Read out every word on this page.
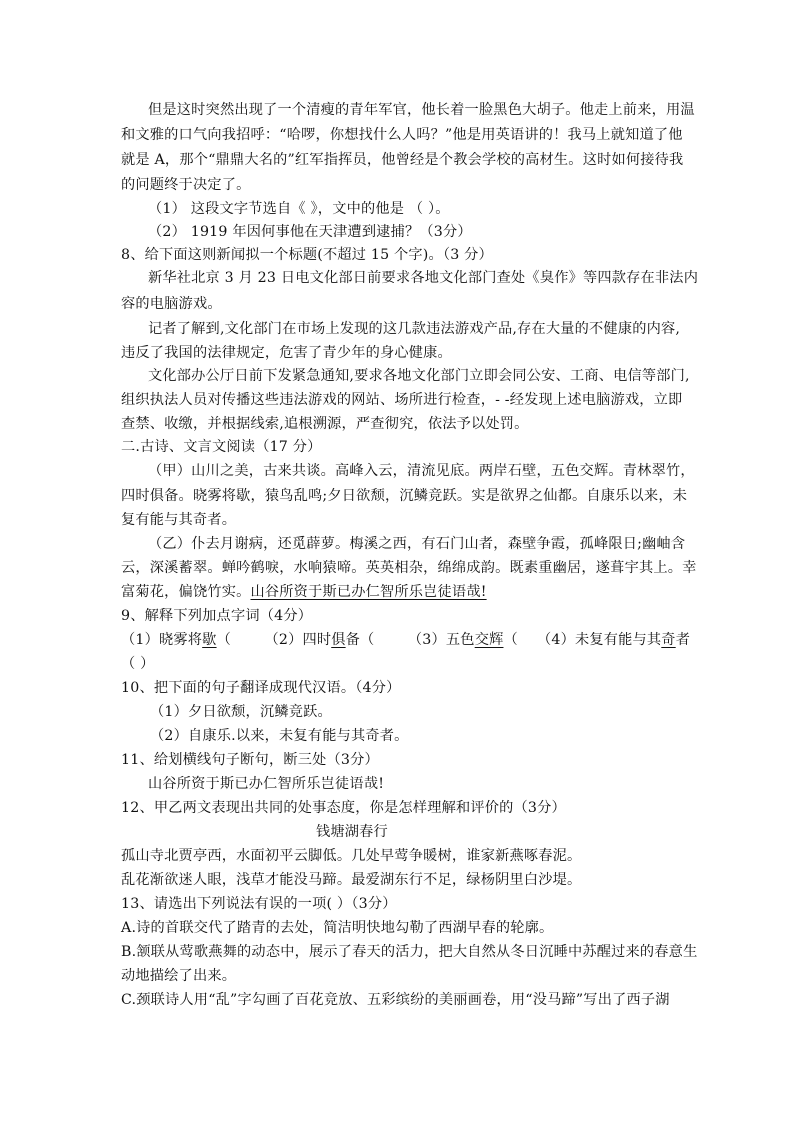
但是这时突然出现了一个清瘦的青年军官，他长着一脸黑色大胡子。他走上前来，用温
和文雅的口气向我招呼：“哈啰，你想找什么人吗？”他是用英语讲的！我马上就知道了他
就是 A，那个“鼎鼎大名的”红军指挥员，他曾经是个教会学校的高材生。这时如何接待我
的问题终于决定了。
（1） 这段文字节选自《 》，文中的他是 （ ）。
（2） 1919 年因何事他在天津遭到逮捕？（3分）
8、给下面这则新闻拟一个标题(不超过 15 个字)。（3 分）
新华社北京 3 月 23 日电文化部日前要求各地文化部门查处《臭作》等四款存在非法内
容的电脑游戏。
记者了解到,文化部门在市场上发现的这几款违法游戏产品,存在大量的不健康的内容,
违反了我国的法律规定，危害了青少年的身心健康。
文化部办公厅日前下发紧急通知,要求各地文化部门立即会同公安、工商、电信等部门,
组织执法人员对传播这些违法游戏的网站、场所进行检查，- -经发现上述电脑游戏，立即
查禁、收缴，并根据线索,追根溯源，严查彻究，依法予以处罚。
二.古诗、文言文阅读（17 分）
（甲）山川之美，古来共谈。高峰入云，清流见底。两岸石壁，五色交辉。青林翠竹，
四时俱备。晓雾将歇，猿鸟乱鸣;夕日欲颓，沉鳞竞跃。实是欲界之仙都。自康乐以来，未
复有能与其奇者。
（乙）仆去月谢病，还觅薜萝。梅溪之西，有石门山者，森壁争霞，孤峰限日;幽岫含
云，深溪蓄翠。蝉吟鹤唳，水响猿啼。英英相杂，绵绵成韵。既素重幽居，遂葺宇其上。幸
富菊花，偏饶竹实。山谷所资于斯已办仁智所乐岂徒语哉!
9、解释下列加点字词（4分）
（1）晓雾将歇（    （2）四时俱备（    （3）五色交辉（   （4）未复有能与其奇者
（ ）
10、把下面的句子翻译成现代汉语。（4分）
（1）夕日欲颓，沉鳞竞跃。
（2）自康乐.以来，未复有能与其奇者。
11、给划横线句子断句，断三处（3分）
山谷所资于斯已办仁智所乐岂徒语哉!
12、甲乙两文表现出共同的处事态度，你是怎样理解和评价的（3分）
钱塘湖春行
孤山寺北贾亭西，水面初平云脚低。几处早莺争暖树，谁家新燕啄春泥。
乱花渐欲迷人眼，浅草才能没马蹄。最爱湖东行不足，绿杨阴里白沙堤。
13、请选出下列说法有误的一项( ）（3分）
A.诗的首联交代了踏青的去处，简洁明快地勾勒了西湖早春的轮廓。
B.颔联从莺歌燕舞的动态中，展示了春天的活力，把大自然从冬日沉睡中苏醒过来的春意生
动地描绘了出来。
C.颈联诗人用“乱”字勾画了百花竞放、五彩缤纷的美丽画卷，用“没马蹄”写出了西子湖
